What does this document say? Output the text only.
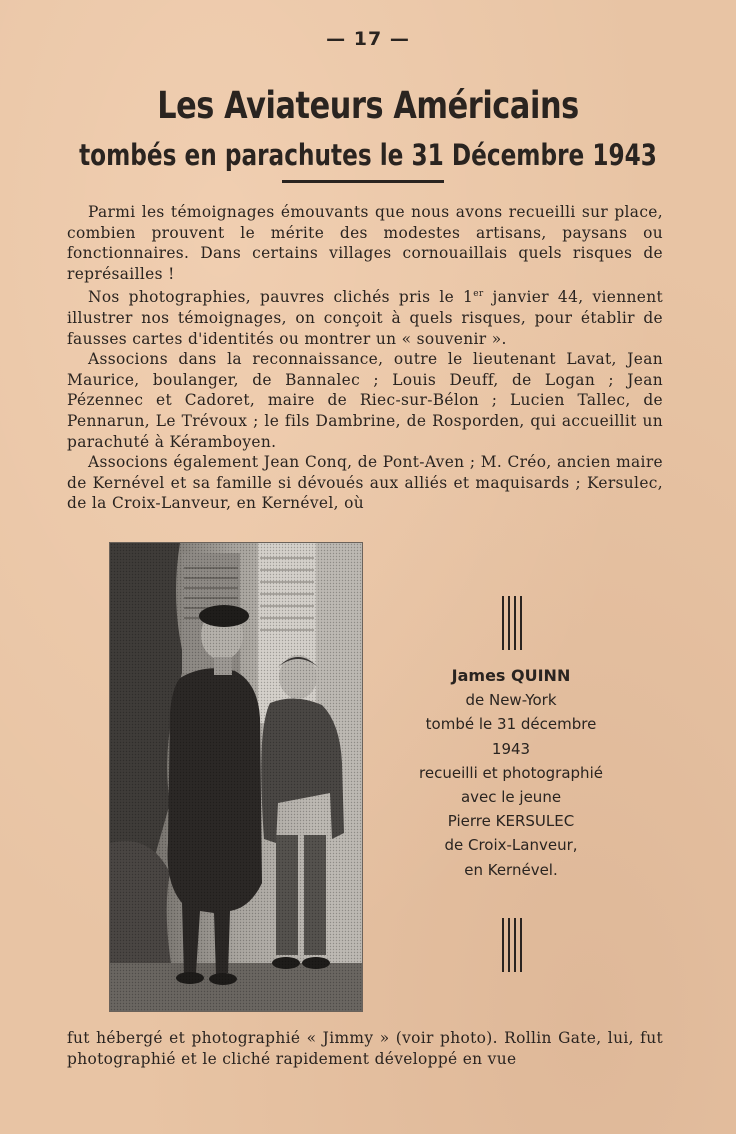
— 17 —
Les Aviateurs Américains
tombés en parachutes le 31 Décembre 1943

Parmi les témoignages émouvants que nous avons recueilli sur place, combien prouvent le mérite des modestes artisans, paysans ou fonctionnaires. Dans certains villages cornouaillais quels risques de représailles !

Nos photographies, pauvres clichés pris le 1er janvier 44, viennent illustrer nos témoignages, on conçoit à quels risques, pour établir de fausses cartes d'identités ou montrer un « souvenir ».

Associons dans la reconnaissance, outre le lieutenant Lavat, Jean Maurice, boulanger, de Bannalec ; Louis Deuff, de Logan ; Jean Pézennec et Cadoret, maire de Riec-sur-Bélon ; Lucien Tallec, de Pennarun, Le Trévoux ; le fils Dambrine, de Rosporden, qui accueillit un parachuté à Kéramboyen.

Associons également Jean Conq, de Pont-Aven ; M. Créo, ancien maire de Kernével et sa famille si dévoués aux alliés et maquisards ; Kersulec, de la Croix-Lanveur, en Kernével, où

James QUINN
de New-York
tombé le 31 décembre
1943
recueilli et photographié
avec le jeune
Pierre KERSULEC
de Croix-Lanveur,
en Kernével.

fut hébergé et photographié « Jimmy » (voir photo). Rollin Gate, lui, fut photographié et le cliché rapidement développé en vue
